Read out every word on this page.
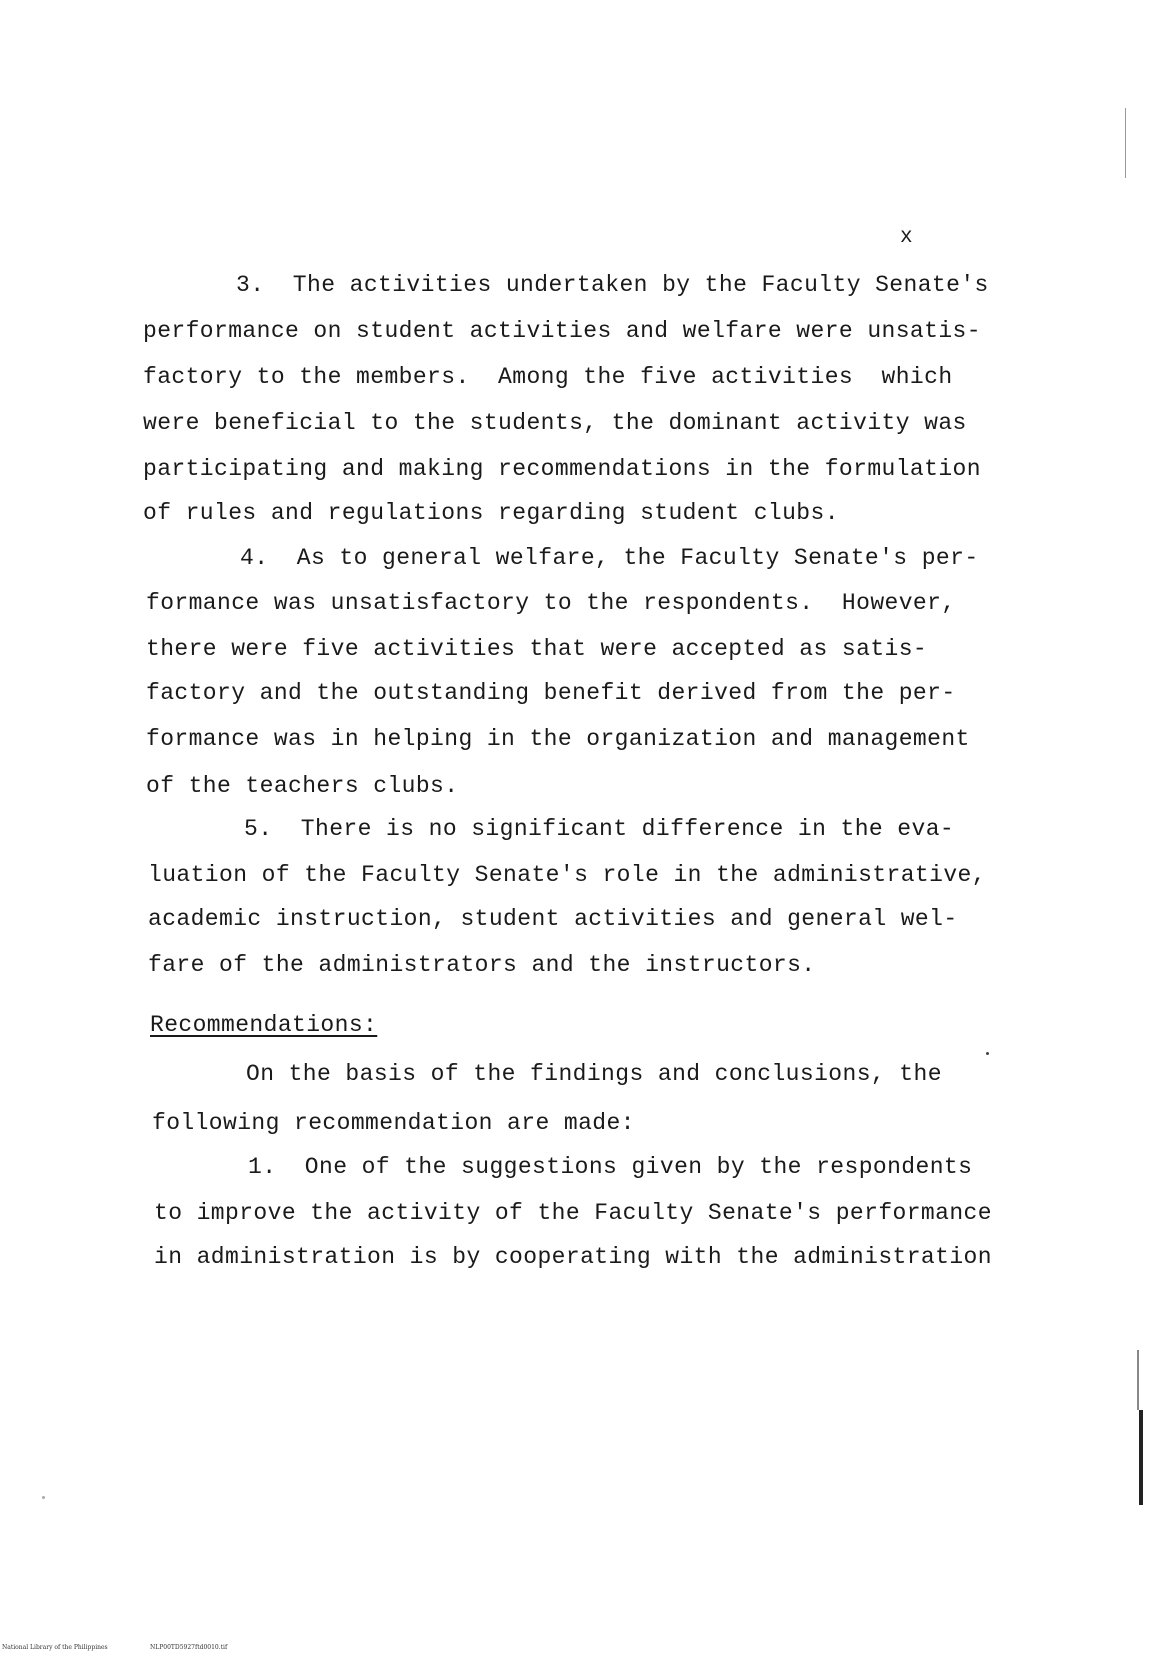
x
3.  The activities undertaken by the Faculty Senate's
performance on student activities and welfare were unsatis-
factory to the members.  Among the five activities  which
were beneficial to the students, the dominant activity was
participating and making recommendations in the formulation
of rules and regulations regarding student clubs.
4.  As to general welfare, the Faculty Senate's per-
formance was unsatisfactory to the respondents.  However,
there were five activities that were accepted as satis-
factory and the outstanding benefit derived from the per-
formance was in helping in the organization and management
of the teachers clubs.
5.  There is no significant difference in the eva-
luation of the Faculty Senate's role in the administrative,
academic instruction, student activities and general wel-
fare of the administrators and the instructors.
Recommendations:
On the basis of the findings and conclusions, the
following recommendation are made:
1.  One of the suggestions given by the respondents
to improve the activity of the Faculty Senate's performance
in administration is by cooperating with the administration
National Library of the Philippines	NLP00TD5927ftd0010.tif
